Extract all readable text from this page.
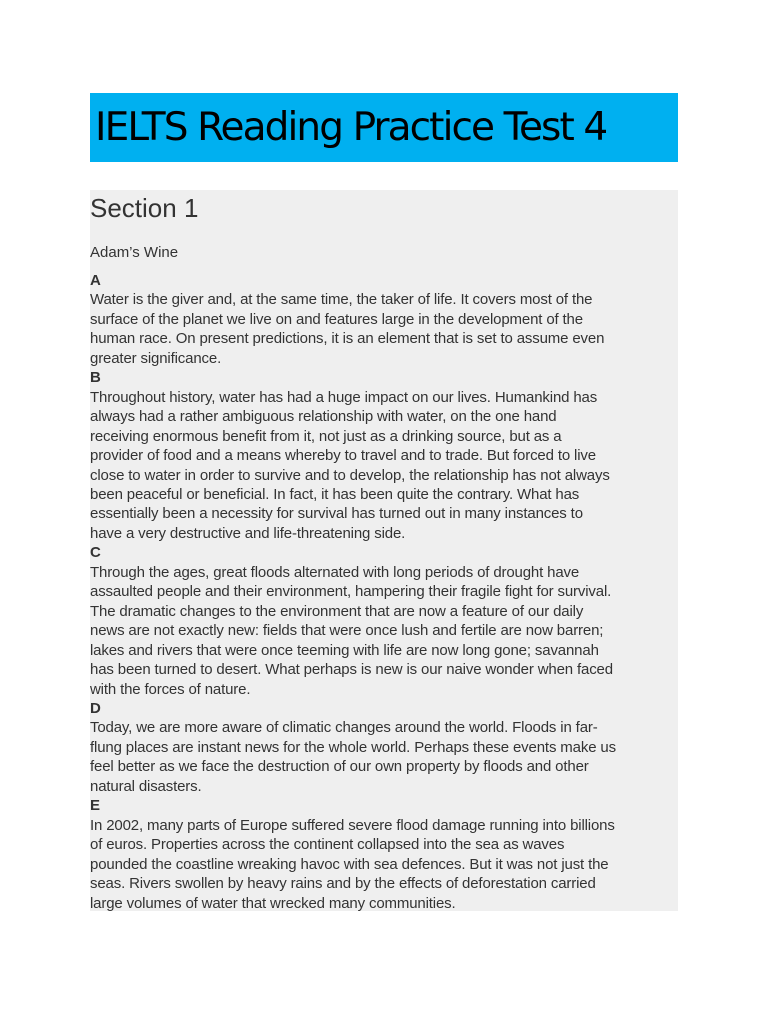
IELTS Reading Practice Test 4
Section 1

Adam’s Wine

A

Water is the giver and, at the same time, the taker of life. It covers most of the
surface of the planet we live on and features large in the development of the
human race. On present predictions, it is an element that is set to assume even
greater significance.

B

Throughout history, water has had a huge impact on our lives. Humankind has
always had a rather ambiguous relationship with water, on the one hand
receiving enormous benefit from it, not just as a drinking source, but as a
provider of food and a means whereby to travel and to trade. But forced to live
close to water in order to survive and to develop, the relationship has not always
been peaceful or beneficial. In fact, it has been quite the contrary. What has
essentially been a necessity for survival has turned out in many instances to
have a very destructive and life-threatening side.

C

Through the ages, great floods alternated with long periods of drought have
assaulted people and their environment, hampering their fragile fight for survival.
The dramatic changes to the environment that are now a feature of our daily
news are not exactly new: fields that were once lush and fertile are now barren;
lakes and rivers that were once teeming with life are now long gone; savannah
has been turned to desert. What perhaps is new is our naive wonder when faced
with the forces of nature.

D

Today, we are more aware of climatic changes around the world. Floods in far-
flung places are instant news for the whole world. Perhaps these events make us
feel better as we face the destruction of our own property by floods and other
natural disasters.

E

In 2002, many parts of Europe suffered severe flood damage running into billions
of euros. Properties across the continent collapsed into the sea as waves
pounded the coastline wreaking havoc with sea defences. But it was not just the
seas. Rivers swollen by heavy rains and by the effects of deforestation carried
large volumes of water that wrecked many communities.
